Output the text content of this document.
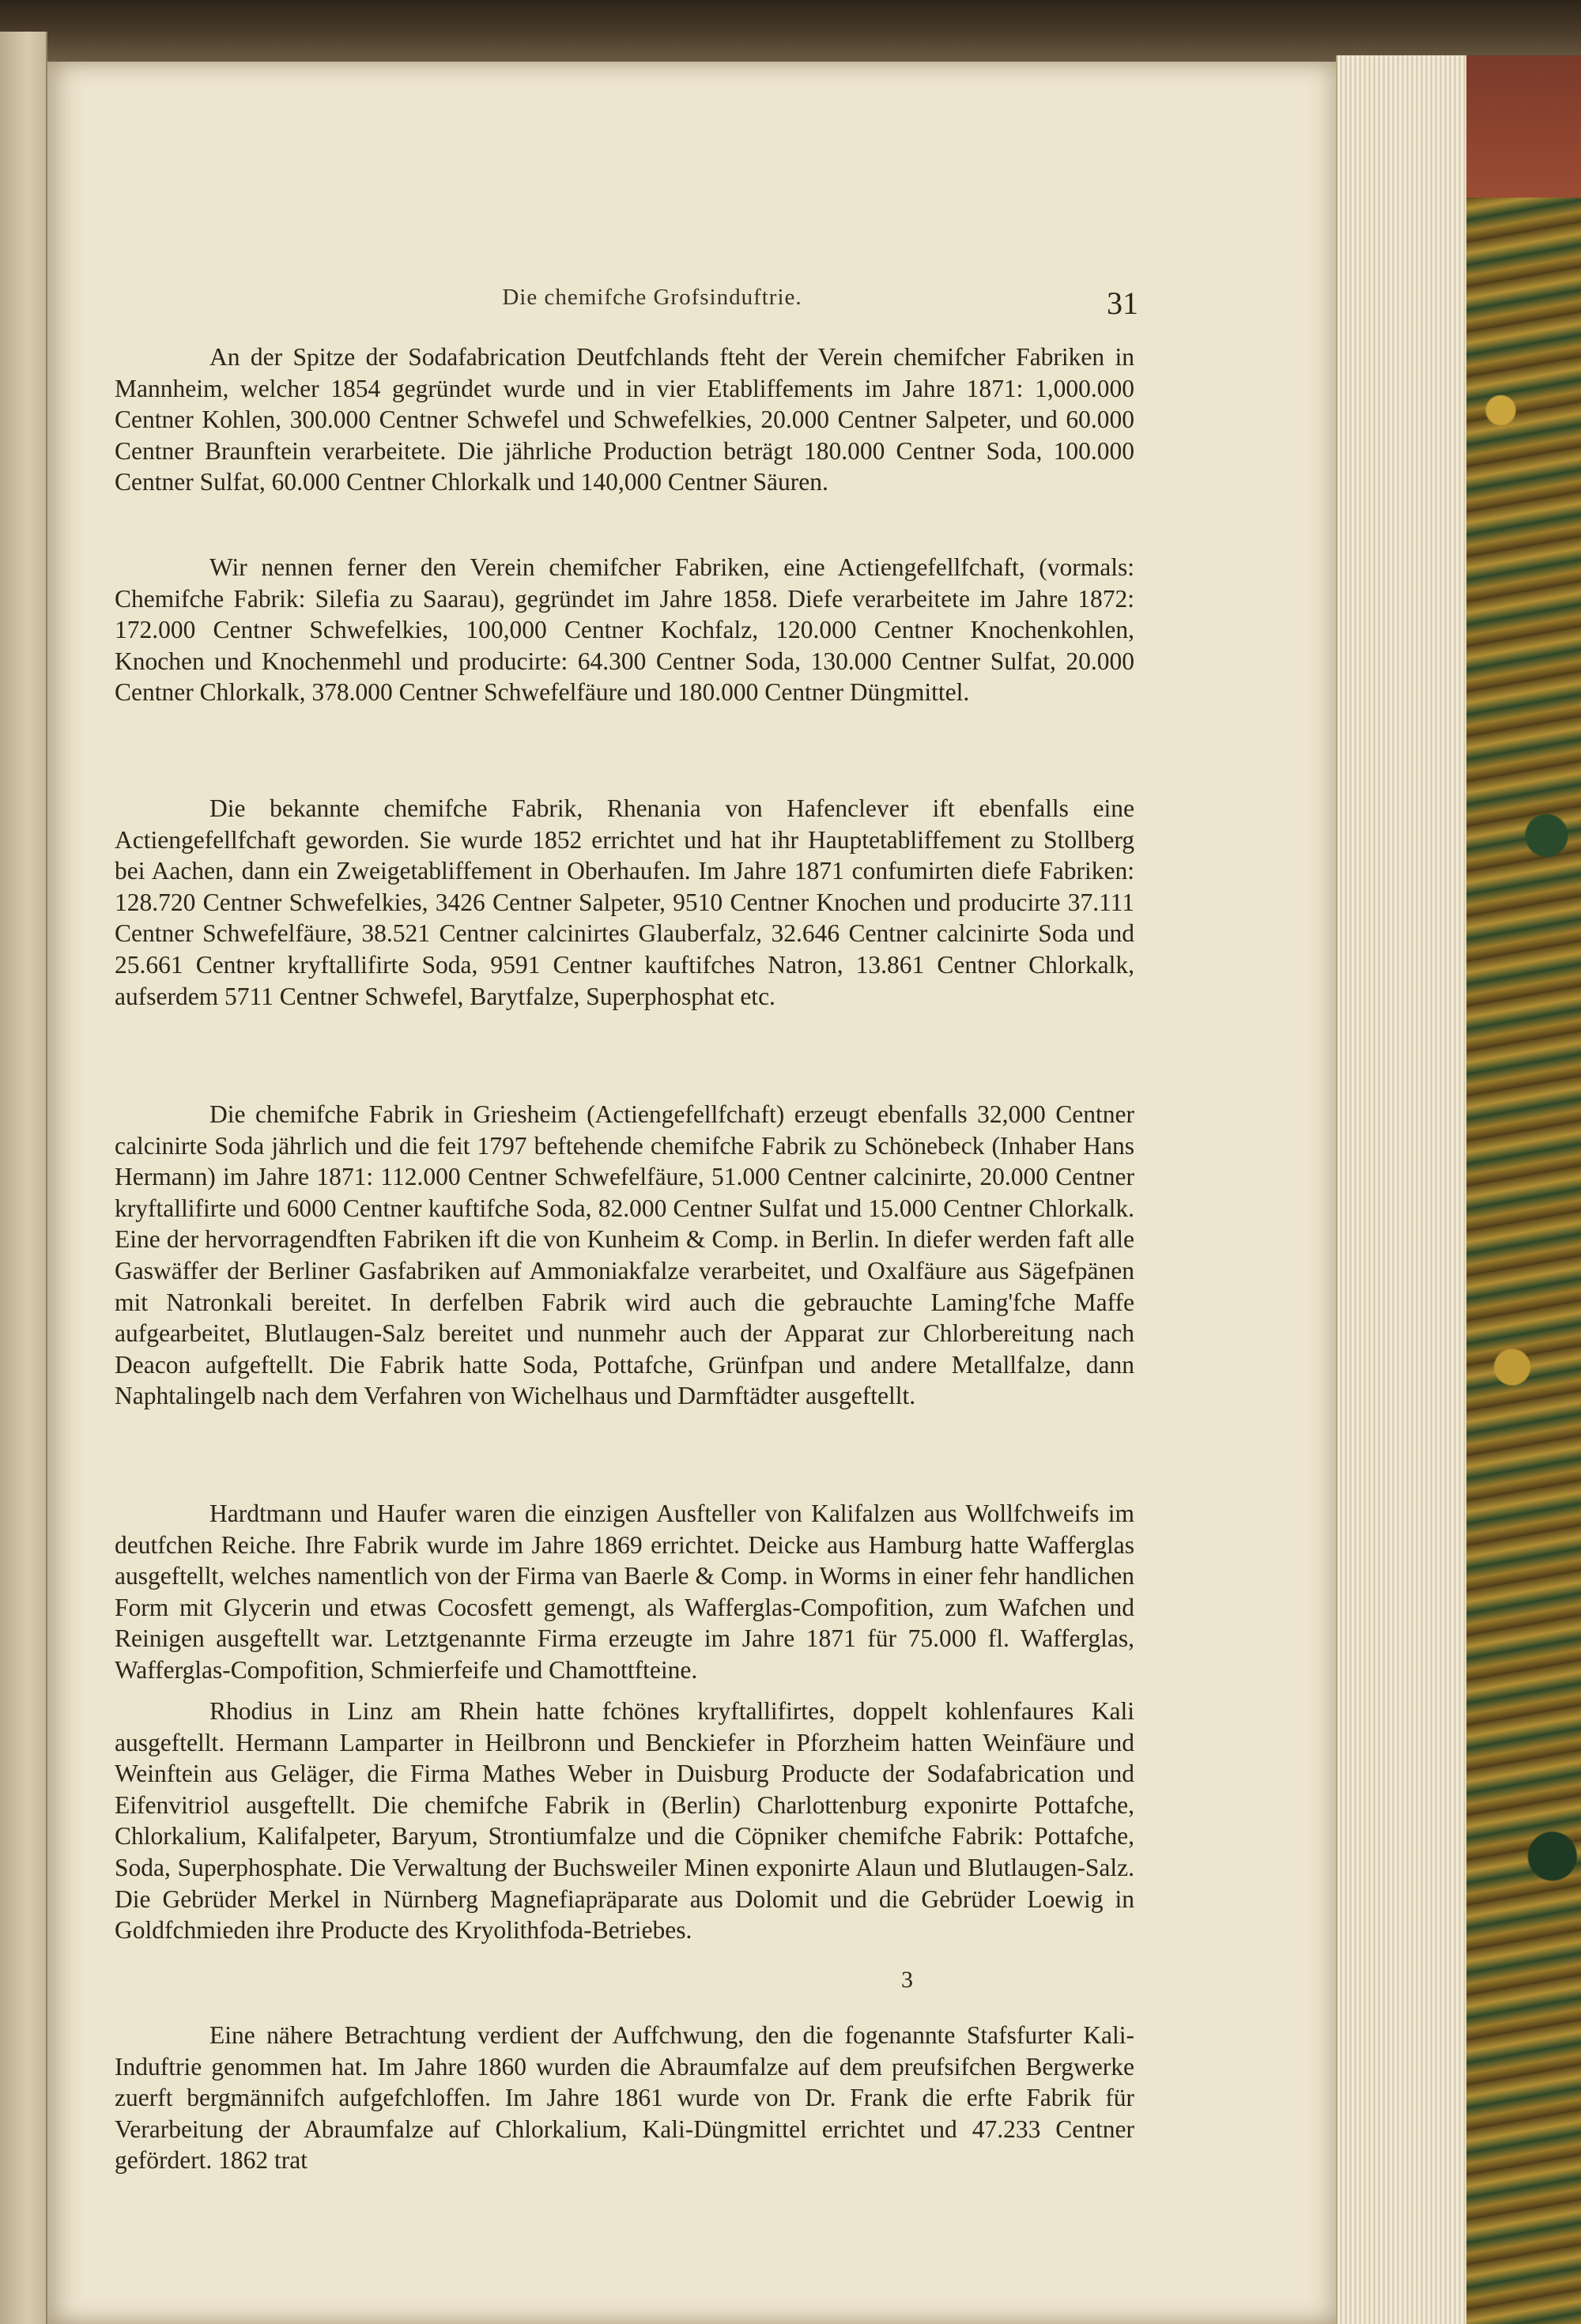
Die chemifche Grofsinduftrie.	31

An der Spitze der Sodafabrication Deutfchlands fteht der Verein chemifcher Fabriken in Mannheim, welcher 1854 gegründet wurde und in vier Etabliffements im Jahre 1871: 1,000.000 Centner Kohlen, 300.000 Centner Schwefel und Schwefelkies, 20.000 Centner Salpeter, und 60.000 Centner Braunftein verarbeitete. Die jährliche Production beträgt 180.000 Centner Soda, 100.000 Centner Sulfat, 60.000 Centner Chlorkalk und 140,000 Centner Säuren.

Wir nennen ferner den Verein chemifcher Fabriken, eine Actiengefellfchaft, (vormals: Chemifche Fabrik: Silefia zu Saarau), gegründet im Jahre 1858. Diefe verarbeitete im Jahre 1872: 172.000 Centner Schwefelkies, 100,000 Centner Kochfalz, 120.000 Centner Knochenkohlen, Knochen und Knochenmehl und producirte: 64.300 Centner Soda, 130.000 Centner Sulfat, 20.000 Centner Chlorkalk, 378.000 Centner Schwefelfäure und 180.000 Centner Düngmittel.

Die bekannte chemifche Fabrik, Rhenania von Hafenclever ift ebenfalls eine Actiengefellfchaft geworden. Sie wurde 1852 errichtet und hat ihr Hauptetabliffement zu Stollberg bei Aachen, dann ein Zweigetabliffement in Oberhaufen. Im Jahre 1871 confumirten diefe Fabriken: 128.720 Centner Schwefelkies, 3426 Centner Salpeter, 9510 Centner Knochen und producirte 37.111 Centner Schwefelfäure, 38.521 Centner calcinirtes Glauberfalz, 32.646 Centner calcinirte Soda und 25.661 Centner kryftallifirte Soda, 9591 Centner kauftifches Natron, 13.861 Centner Chlorkalk, aufserdem 5711 Centner Schwefel, Barytfalze, Superphosphat etc.

Die chemifche Fabrik in Griesheim (Actiengefellfchaft) erzeugt ebenfalls 32,000 Centner calcinirte Soda jährlich und die feit 1797 beftehende chemifche Fabrik zu Schönebeck (Inhaber Hans Hermann) im Jahre 1871: 112.000 Centner Schwefelfäure, 51.000 Centner calcinirte, 20.000 Centner kryftallifirte und 6000 Centner kauftifche Soda, 82.000 Centner Sulfat und 15.000 Centner Chlorkalk. Eine der hervorragendften Fabriken ift die von Kunheim & Comp. in Berlin. In diefer werden faft alle Gaswäffer der Berliner Gasfabriken auf Ammoniakfalze verarbeitet, und Oxalfäure aus Sägefpänen mit Natronkali bereitet. In derfelben Fabrik wird auch die gebrauchte Laming'fche Maffe aufgearbeitet, Blutlaugen-Salz bereitet und nunmehr auch der Apparat zur Chlorbereitung nach Deacon aufgeftellt. Die Fabrik hatte Soda, Pottafche, Grünfpan und andere Metallfalze, dann Naphtalingelb nach dem Verfahren von Wichelhaus und Darmftädter ausgeftellt.

Hardtmann und Haufer waren die einzigen Ausfteller von Kalifalzen aus Wollfchweifs im deutfchen Reiche. Ihre Fabrik wurde im Jahre 1869 errichtet. Deicke aus Hamburg hatte Wafferglas ausgeftellt, welches namentlich von der Firma van Baerle & Comp. in Worms in einer fehr handlichen Form mit Glycerin und etwas Cocosfett gemengt, als Wafferglas-Compofition, zum Wafchen und Reinigen ausgeftellt war. Letztgenannte Firma erzeugte im Jahre 1871 für 75.000 fl. Wafferglas, Wafferglas-Compofition, Schmierfeife und Chamottfteine.

Rhodius in Linz am Rhein hatte fchönes kryftallifirtes, doppelt kohlenfaures Kali ausgeftellt. Hermann Lamparter in Heilbronn und Benckiefer in Pforzheim hatten Weinfäure und Weinftein aus Geläger, die Firma Mathes Weber in Duisburg Producte der Sodafabrication und Eifenvitriol ausgeftellt. Die chemifche Fabrik in (Berlin) Charlottenburg exponirte Pottafche, Chlorkalium, Kalifalpeter, Baryum, Strontiumfalze und die Cöpniker chemifche Fabrik: Pottafche, Soda, Superphosphate. Die Verwaltung der Buchsweiler Minen exponirte Alaun und Blutlaugen-Salz. Die Gebrüder Merkel in Nürnberg Magnefiapräparate aus Dolomit und die Gebrüder Loewig in Goldfchmieden ihre Producte des Kryolithfoda-Betriebes.

Eine nähere Betrachtung verdient der Auffchwung, den die fogenannte Stafsfurter Kali-Induftrie genommen hat. Im Jahre 1860 wurden die Abraumfalze auf dem preufsifchen Bergwerke zuerft bergmännifch aufgefchloffen. Im Jahre 1861 wurde von Dr. Frank die erfte Fabrik für Verarbeitung der Abraumfalze auf Chlorkalium, Kali-Düngmittel errichtet und 47.233 Centner gefördert. 1862 trat

3
